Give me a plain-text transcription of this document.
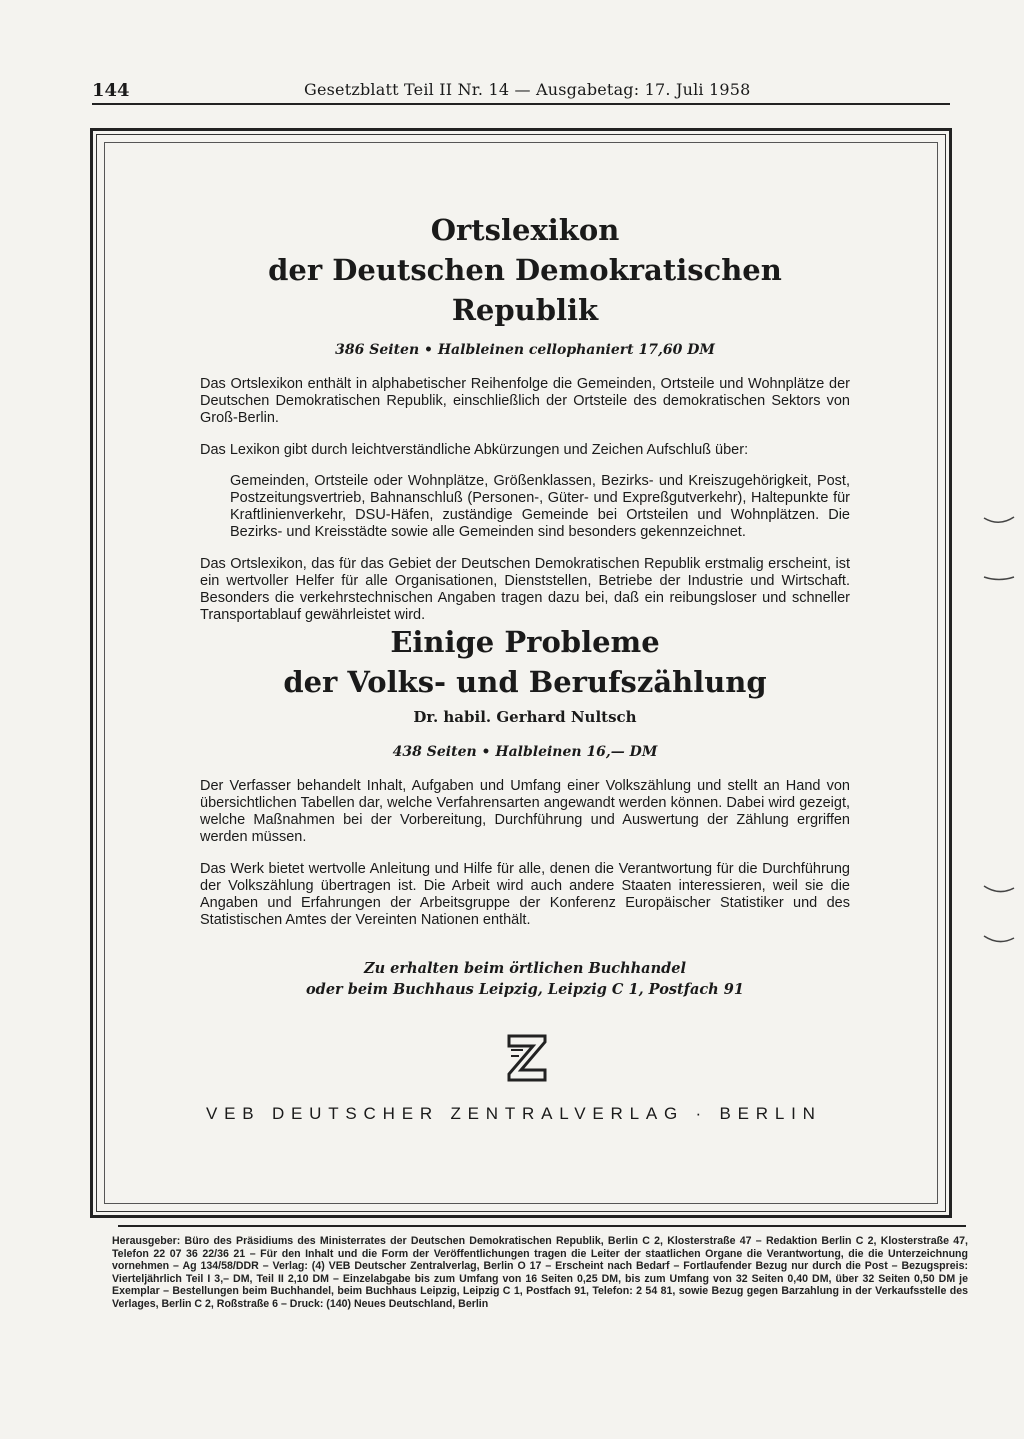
144	Gesetzblatt Teil II Nr. 14 — Ausgabetag: 17. Juli 1958
Ortslexikon
der Deutschen Demokratischen Republik
386 Seiten • Halbleinen cellophaniert 17,60 DM

Das Ortslexikon enthält in alphabetischer Reihenfolge die Gemeinden, Ortsteile und Wohnplätze der Deutschen Demokratischen Republik, einschließlich der Ortsteile des demokratischen Sektors von Groß-Berlin.

Das Lexikon gibt durch leichtverständliche Abkürzungen und Zeichen Aufschluß über:

Gemeinden, Ortsteile oder Wohnplätze, Größenklassen, Bezirks- und Kreiszugehörigkeit, Post, Postzeitungsvertrieb, Bahnanschluß (Personen-, Güter- und Expreßgutverkehr), Haltepunkte für Kraftlinienverkehr, DSU-Häfen, zuständige Gemeinde bei Ortsteilen und Wohnplätzen. Die Bezirks- und Kreisstädte sowie alle Gemeinden sind besonders gekennzeichnet.

Das Ortslexikon, das für das Gebiet der Deutschen Demokratischen Republik erstmalig erscheint, ist ein wertvoller Helfer für alle Organisationen, Dienststellen, Betriebe der Industrie und Wirtschaft. Besonders die verkehrstechnischen Angaben tragen dazu bei, daß ein reibungsloser und schneller Transportablauf gewährleistet wird.

Einige Probleme
der Volks- und Berufszählung
Dr. habil. Gerhard Nultsch
438 Seiten • Halbleinen 16,— DM

Der Verfasser behandelt Inhalt, Aufgaben und Umfang einer Volkszählung und stellt an Hand von übersichtlichen Tabellen dar, welche Verfahrensarten angewandt werden können. Dabei wird gezeigt, welche Maßnahmen bei der Vorbereitung, Durchführung und Auswertung der Zählung ergriffen werden müssen.

Das Werk bietet wertvolle Anleitung und Hilfe für alle, denen die Verantwortung für die Durchführung der Volkszählung übertragen ist. Die Arbeit wird auch andere Staaten interessieren, weil sie die Angaben und Erfahrungen der Arbeitsgruppe der Konferenz Europäischer Statistiker und des Statistischen Amtes der Vereinten Nationen enthält.

Zu erhalten beim örtlichen Buchhandel
oder beim Buchhaus Leipzig, Leipzig C 1, Postfach 91
VEB DEUTSCHER ZENTRALVERLAG · BERLIN
Herausgeber: Büro des Präsidiums des Ministerrates der Deutschen Demokratischen Republik, Berlin C 2, Klosterstraße 47 – Redaktion Berlin C 2, Klosterstraße 47, Telefon 22 07 36 22/36 21 – Für den Inhalt und die Form der Veröffentlichungen tragen die Leiter der staatlichen Organe die Verantwortung, die die Unterzeichnung vornehmen – Ag 134/58/DDR – Verlag: (4) VEB Deutscher Zentralverlag, Berlin O 17 – Erscheint nach Bedarf – Fortlaufender Bezug nur durch die Post – Bezugspreis: Vierteljährlich Teil I 3,– DM, Teil II 2,10 DM – Einzelabgabe bis zum Umfang von 16 Seiten 0,25 DM, bis zum Umfang von 32 Seiten 0,40 DM, über 32 Seiten 0,50 DM je Exemplar – Bestellungen beim Buchhandel, beim Buchhaus Leipzig, Leipzig C 1, Postfach 91, Telefon: 2 54 81, sowie Bezug gegen Barzahlung in der Verkaufsstelle des Verlages, Berlin C 2, Roßstraße 6 – Druck: (140) Neues Deutschland, Berlin
